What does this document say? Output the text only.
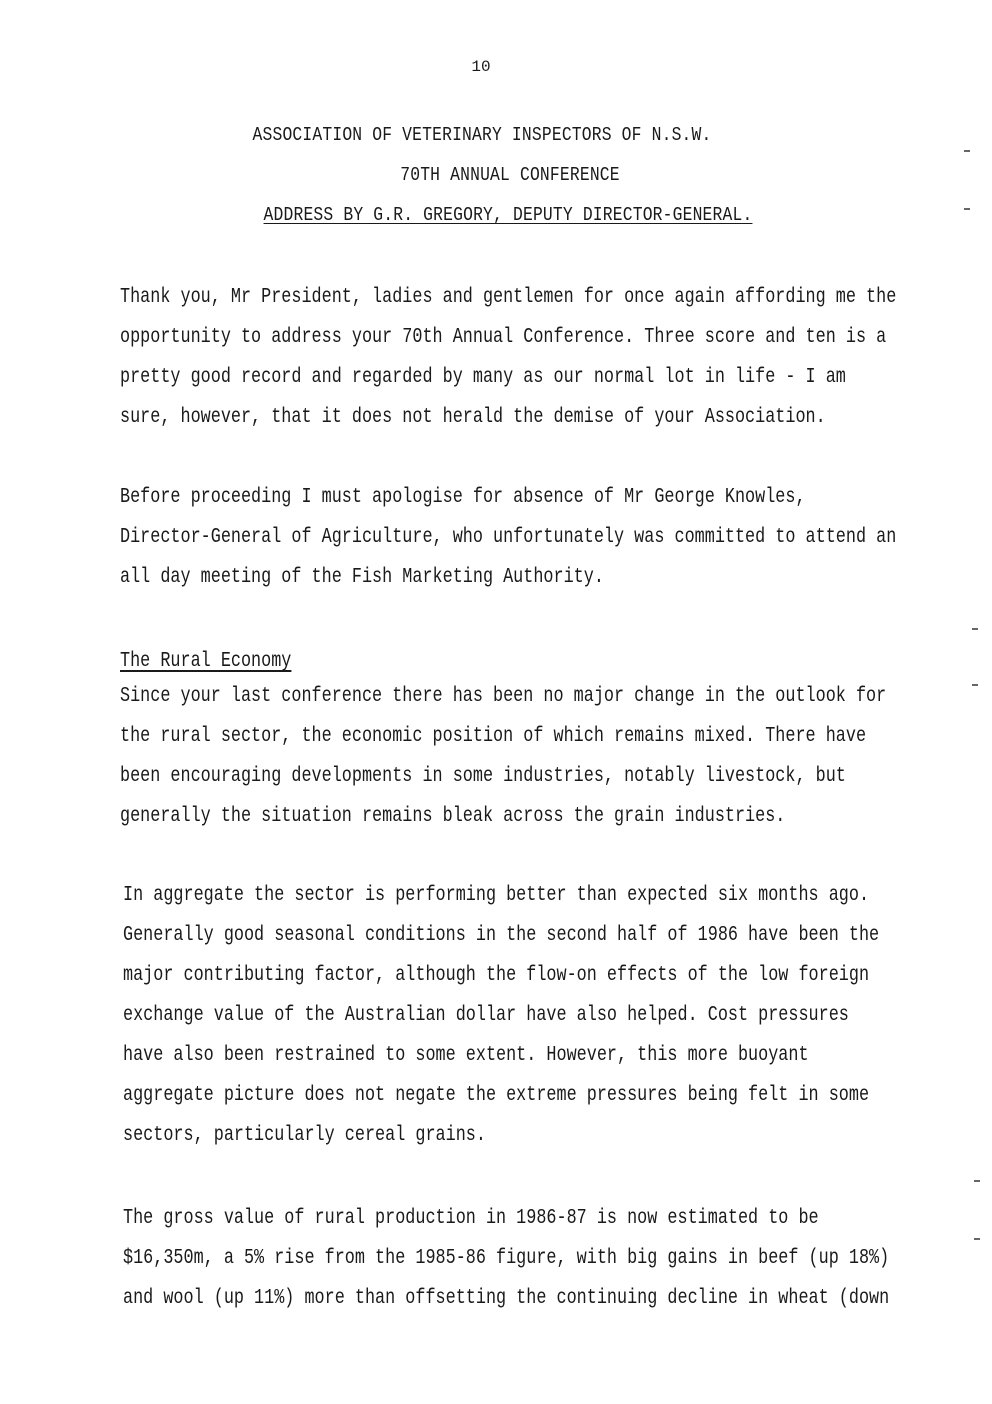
10
ASSOCIATION OF VETERINARY INSPECTORS OF N.S.W.
70TH ANNUAL CONFERENCE
ADDRESS BY G.R. GREGORY, DEPUTY DIRECTOR-GENERAL.
Thank you, Mr President, ladies and gentlemen for once again affording me the
opportunity to address your 70th Annual Conference. Three score and ten is a
pretty good record and regarded by many as our normal lot in life - I am
sure, however, that it does not herald the demise of your Association.
Before proceeding I must apologise for absence of Mr George Knowles,
Director-General of Agriculture, who unfortunately was committed to attend an
all day meeting of the Fish Marketing Authority.
The Rural Economy
Since your last conference there has been no major change in the outlook for
the rural sector, the economic position of which remains mixed. There have
been encouraging developments in some industries, notably livestock, but
generally the situation remains bleak across the grain industries.
In aggregate the sector is performing better than expected six months ago.
Generally good seasonal conditions in the second half of 1986 have been the
major contributing factor, although the flow-on effects of the low foreign
exchange value of the Australian dollar have also helped. Cost pressures
have also been restrained to some extent. However, this more buoyant
aggregate picture does not negate the extreme pressures being felt in some
sectors, particularly cereal grains.
The gross value of rural production in 1986-87 is now estimated to be
$16,350m, a 5% rise from the 1985-86 figure, with big gains in beef (up 18%)
and wool (up 11%) more than offsetting the continuing decline in wheat (down
